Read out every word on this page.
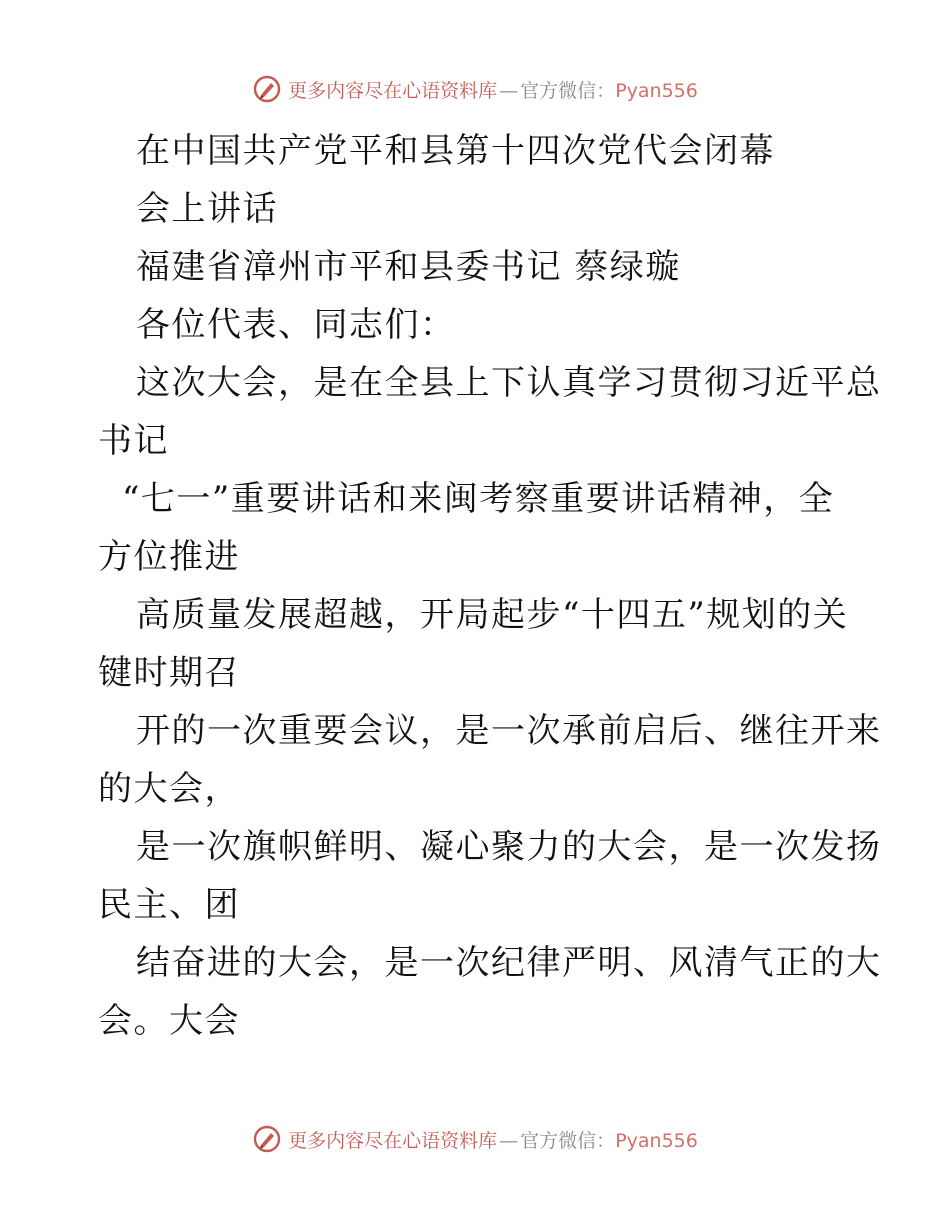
更多内容尽在心语资料库 — 官方微信：Pyan556
在中国共产党平和县第十四次党代会闭幕
会上讲话
福建省漳州市平和县委书记 蔡绿璇
各位代表、同志们：
这次大会，是在全县上下认真学习贯彻习近平总
书记
“七一”重要讲话和来闽考察重要讲话精神，全
方位推进
高质量发展超越，开局起步“十四五”规划的关
键时期召
开的一次重要会议，是一次承前启后、继往开来
的大会，
是一次旗帜鲜明、凝心聚力的大会，是一次发扬
民主、团
结奋进的大会，是一次纪律严明、风清气正的大
会。大会
更多内容尽在心语资料库 — 官方微信：Pyan556
